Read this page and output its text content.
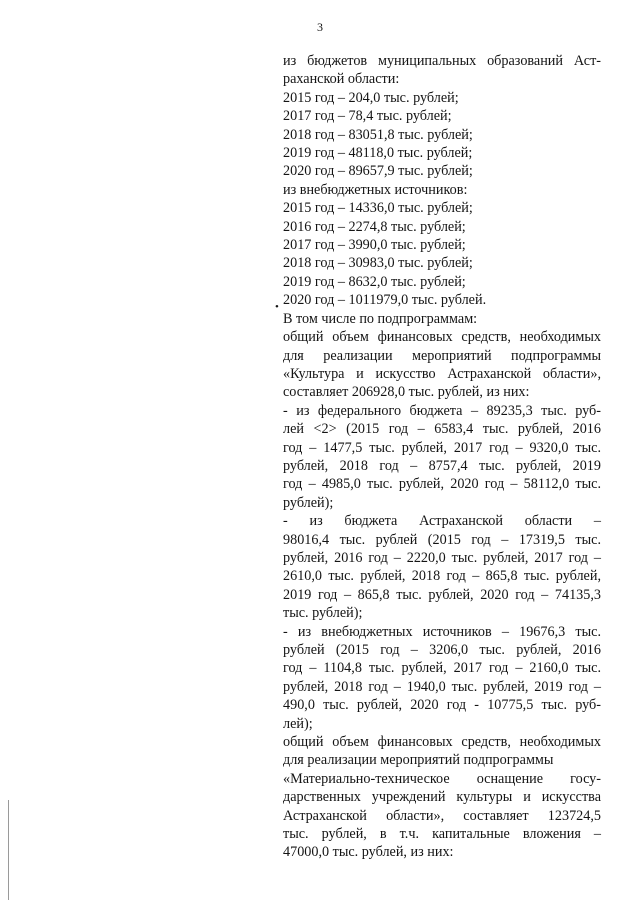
3
•
из бюджетов муниципальных образований Аст-
раханской области:
2015 год – 204,0 тыс. рублей;
2017 год – 78,4 тыс. рублей;
2018 год – 83051,8 тыс. рублей;
2019 год – 48118,0 тыс. рублей;
2020 год – 89657,9 тыс. рублей;
из внебюджетных источников:
2015 год – 14336,0 тыс. рублей;
2016 год – 2274,8 тыс. рублей;
2017 год – 3990,0 тыс. рублей;
2018 год – 30983,0 тыс. рублей;
2019 год – 8632,0 тыс. рублей;
2020 год – 1011979,0 тыс. рублей.
В том числе по подпрограммам:
общий объем финансовых средств, необходимых
для реализации мероприятий подпрограммы
«Культура и искусство Астраханской области»,
составляет 206928,0 тыс. рублей, из них:
- из федерального бюджета – 89235,3 тыс. руб-
лей <2> (2015 год – 6583,4 тыс. рублей, 2016
год – 1477,5 тыс. рублей, 2017 год – 9320,0 тыс.
рублей, 2018 год – 8757,4 тыс. рублей, 2019
год – 4985,0 тыс. рублей, 2020 год – 58112,0 тыс.
рублей);
- из бюджета Астраханской области –
98016,4 тыс. рублей (2015 год – 17319,5 тыс.
рублей, 2016 год – 2220,0 тыс. рублей, 2017 год –
2610,0 тыс. рублей, 2018 год – 865,8 тыс. рублей,
2019 год – 865,8 тыс. рублей, 2020 год – 74135,3
тыс. рублей);
- из внебюджетных источников – 19676,3 тыс.
рублей (2015 год – 3206,0 тыс. рублей, 2016
год – 1104,8 тыс. рублей, 2017 год – 2160,0 тыс.
рублей, 2018 год – 1940,0 тыс. рублей, 2019 год –
490,0 тыс. рублей, 2020 год - 10775,5 тыс. руб-
лей);
общий объем финансовых средств, необходимых
для реализации мероприятий подпрограммы
«Материально-техническое оснащение госу-
дарственных учреждений культуры и искусства
Астраханской области», составляет 123724,5
тыс. рублей, в т.ч. капитальные вложения –
47000,0 тыс. рублей, из них:
